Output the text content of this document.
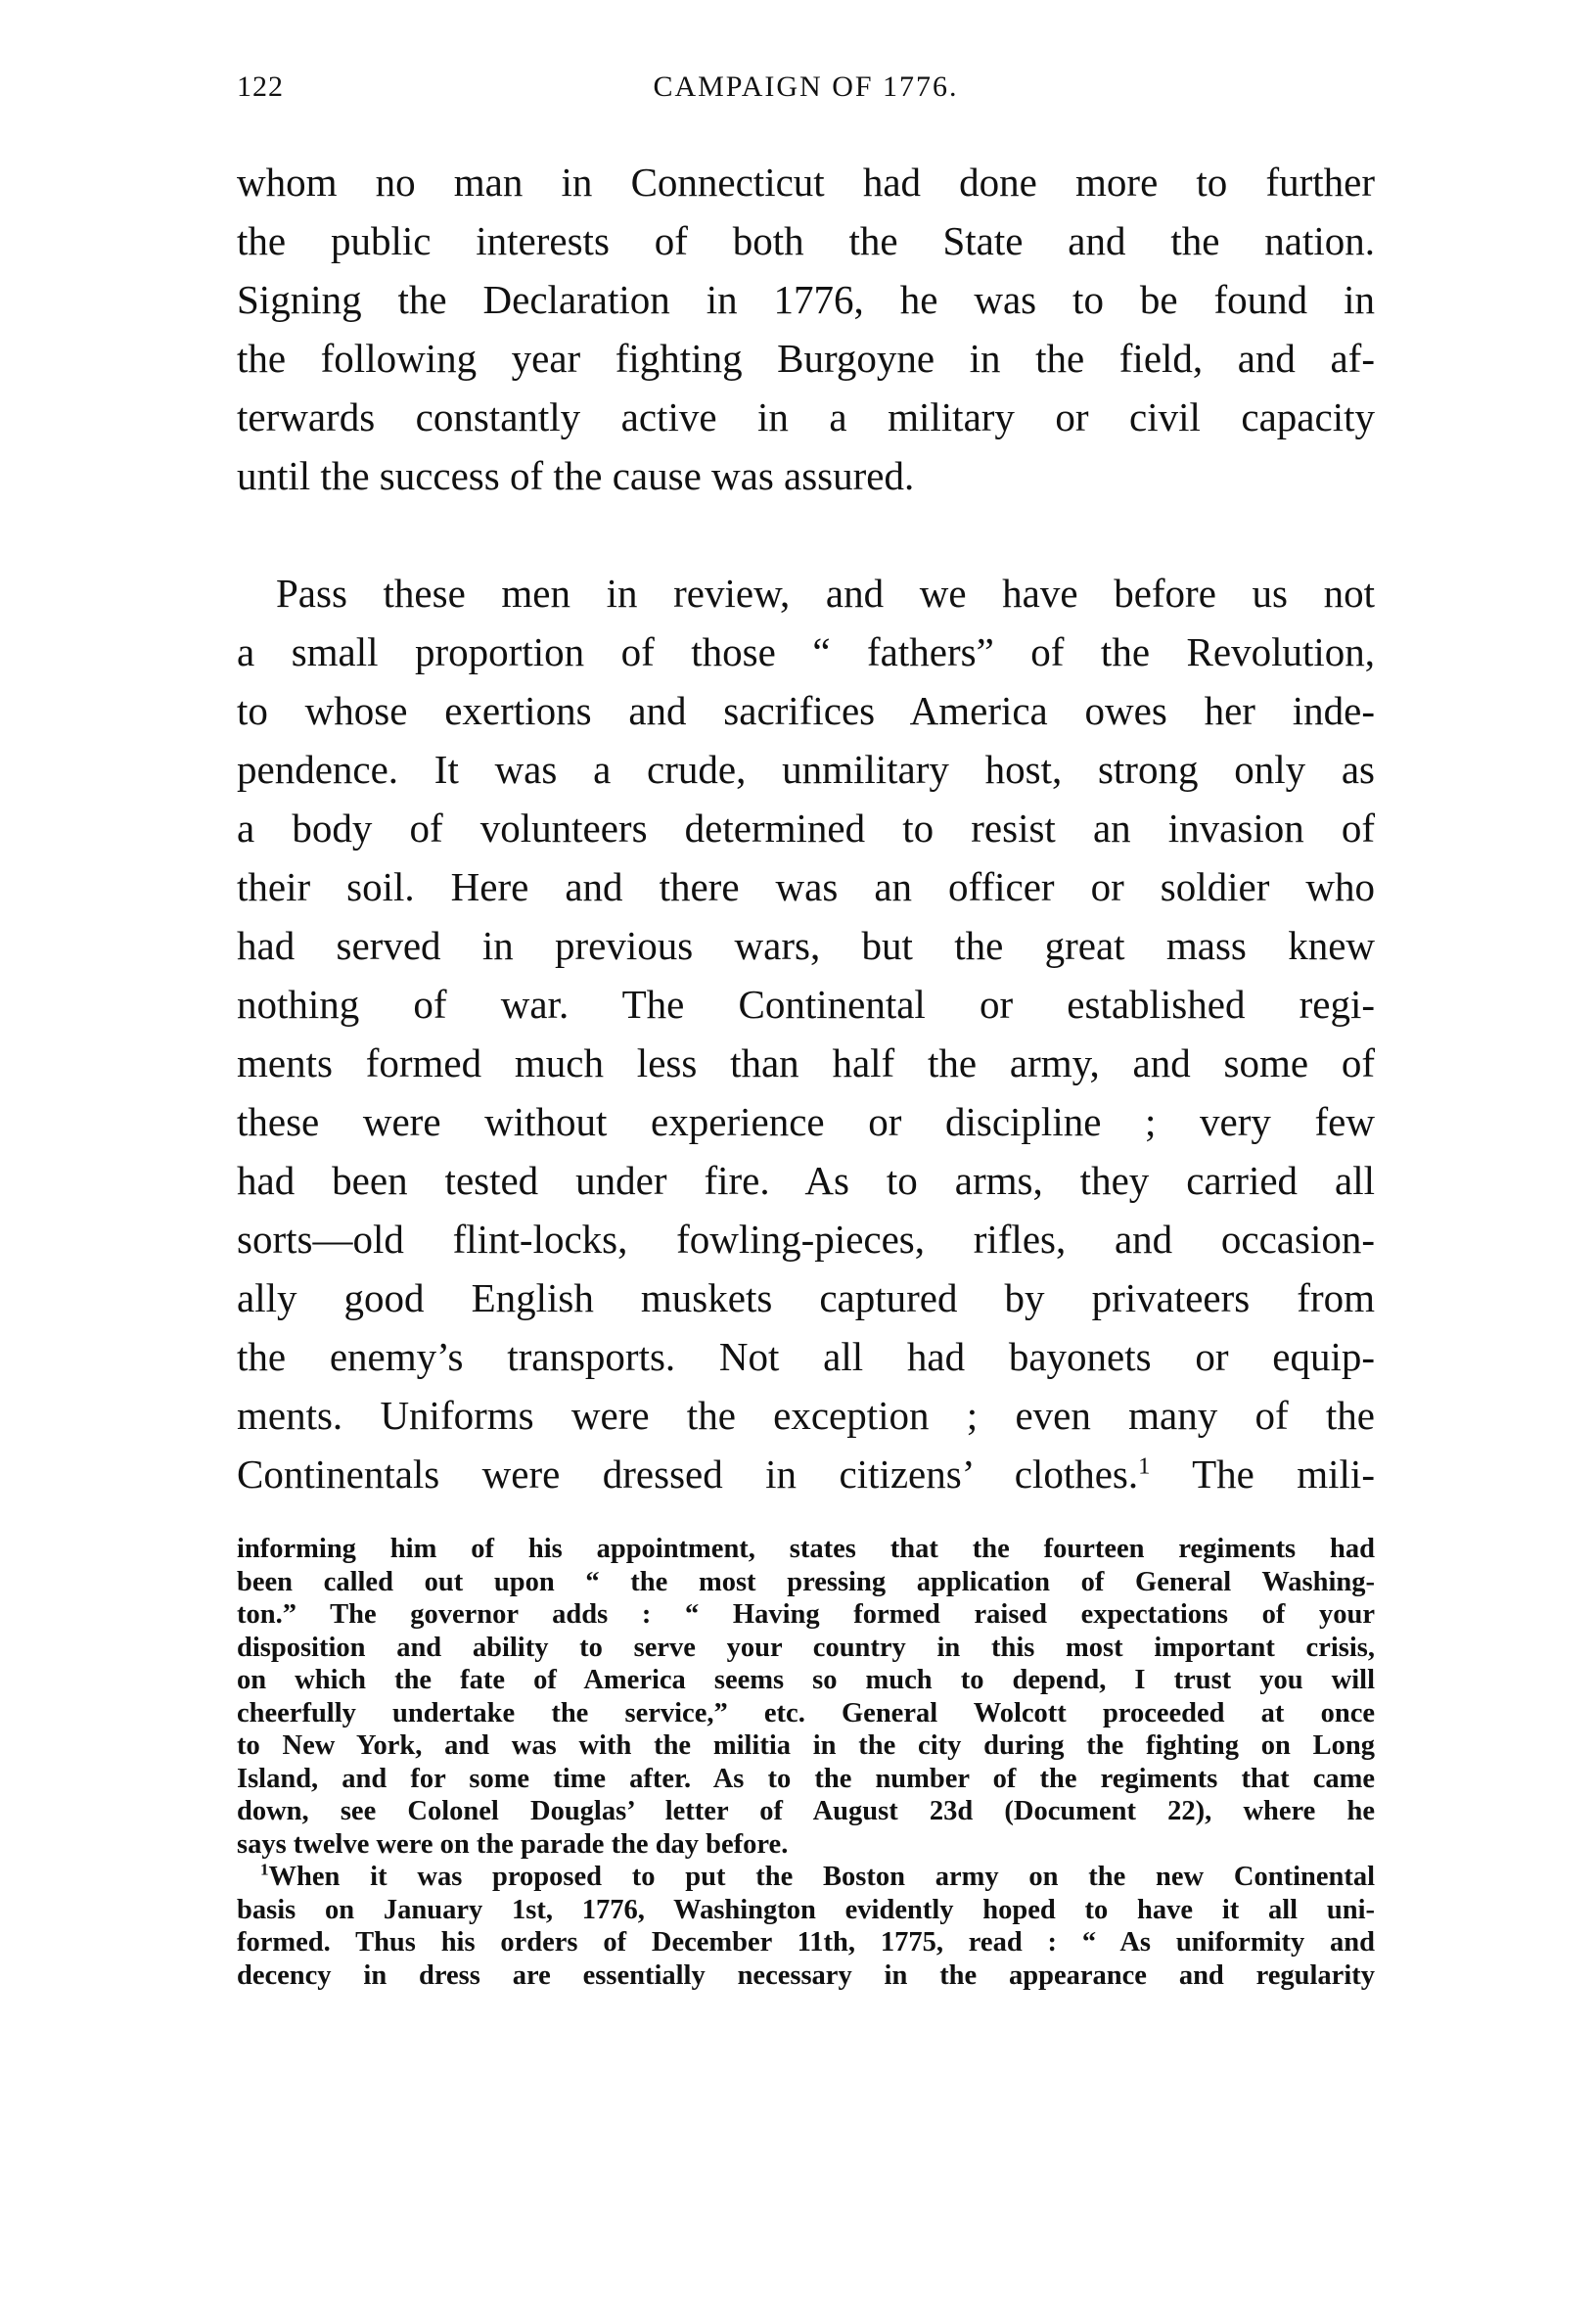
122	CAMPAIGN OF 1776.
whom no man in Connecticut had done more to further
the public interests of both the State and the nation.
Signing the Declaration in 1776, he was to be found in
the following year fighting Burgoyne in the field, and af-
terwards constantly active in a military or civil capacity
until the success of the cause was assured.
Pass these men in review, and we have before us not
a small proportion of those “ fathers” of the Revolution,
to whose exertions and sacrifices America owes her inde-
pendence. It was a crude, unmilitary host, strong only as
a body of volunteers determined to resist an invasion of
their soil. Here and there was an officer or soldier who
had served in previous wars, but the great mass knew
nothing of war. The Continental or established regi-
ments formed much less than half the army, and some of
these were without experience or discipline ; very few
had been tested under fire. As to arms, they carried all
sorts—old flint-locks, fowling-pieces, rifles, and occasion-
ally good English muskets captured by privateers from
the enemy’s transports. Not all had bayonets or equip-
ments. Uniforms were the exception ; even many of the
Continentals were dressed in citizens’ clothes.$^1$ The mili-
informing him of his appointment, states that the fourteen regiments had
been called out upon “ the most pressing application of General Washing-
ton.” The governor adds : “ Having formed raised expectations of your
disposition and ability to serve your country in this most important crisis,
on which the fate of America seems so much to depend, I trust you will
cheerfully undertake the service,” etc. General Wolcott proceeded at once
to New York, and was with the militia in the city during the fighting on Long
Island, and for some time after. As to the number of the regiments that came
down, see Colonel Douglas’ letter of August 23d (Document 22), where he
says twelve were on the parade the day before.
$^1$When it was proposed to put the Boston army on the new Continental
basis on January 1st, 1776, Washington evidently hoped to have it all uni-
formed. Thus his orders of December 11th, 1775, read : “ As uniformity and
decency in dress are essentially necessary in the appearance and regularity
